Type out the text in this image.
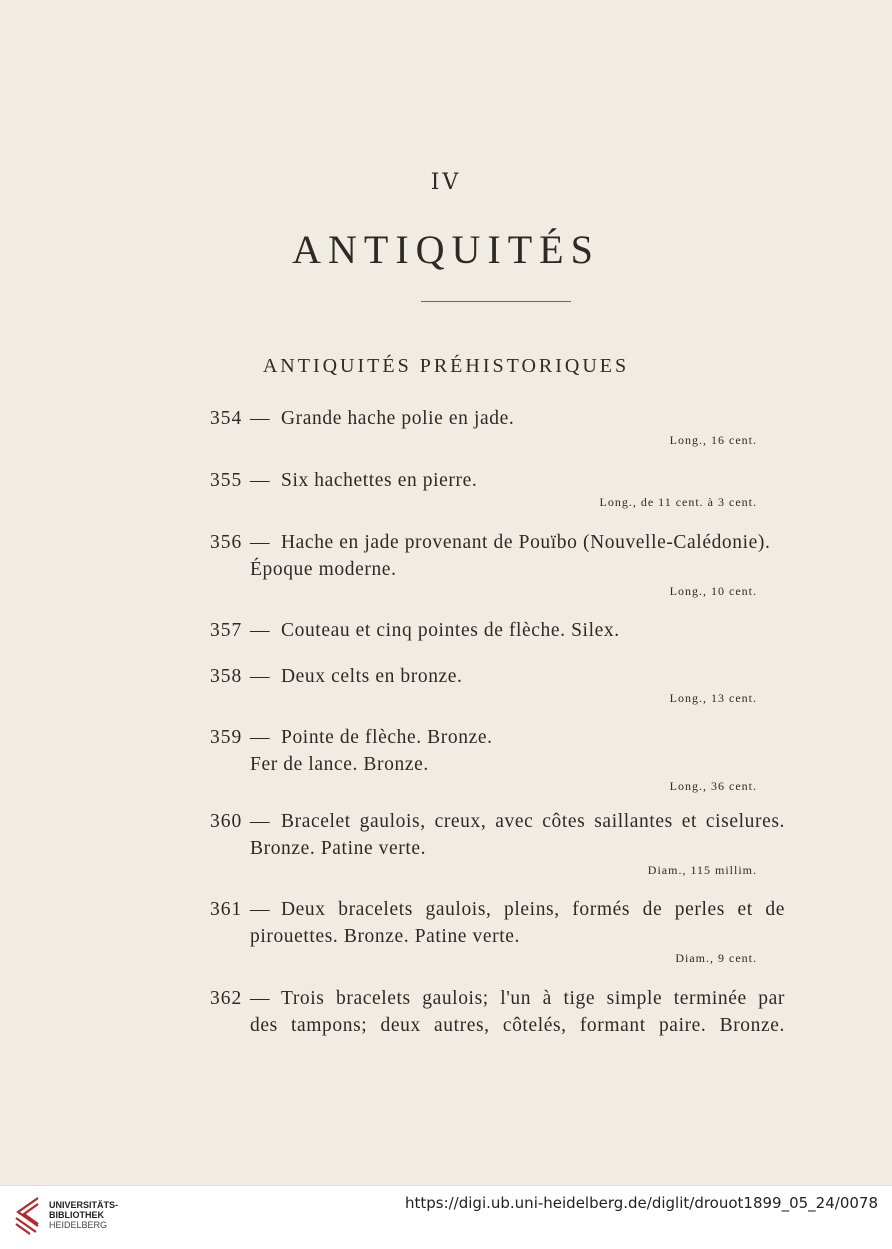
IV
ANTIQUITÉS
ANTIQUITÉS PRÉHISTORIQUES
354 — Grande hache polie en jade.
Long., 16 cent.
355 — Six hachettes en pierre.
Long., de 11 cent. à 3 cent.
356 — Hache en jade provenant de Pouïbo (Nouvelle-Calédonie).
Époque moderne.
Long., 10 cent.
357 — Couteau et cinq pointes de flèche. Silex.
358 — Deux celts en bronze.
Long., 13 cent.
359 — Pointe de flèche. Bronze.
Fer de lance. Bronze.
Long., 36 cent.
360 — Bracelet gaulois, creux, avec côtes saillantes et ciselures.
Bronze. Patine verte.
Diam., 115 millim.
361 — Deux bracelets gaulois, pleins, formés de perles et de
pirouettes. Bronze. Patine verte.
Diam., 9 cent.
362 — Trois bracelets gaulois; l'un à tige simple terminée par
des tampons; deux autres, côtelés, formant paire. Bronze.
UNIVERSITÄTS-
BIBLIOTHEK
HEIDELBERG
https://digi.ub.uni-heidelberg.de/diglit/drouot1899_05_24/0078
